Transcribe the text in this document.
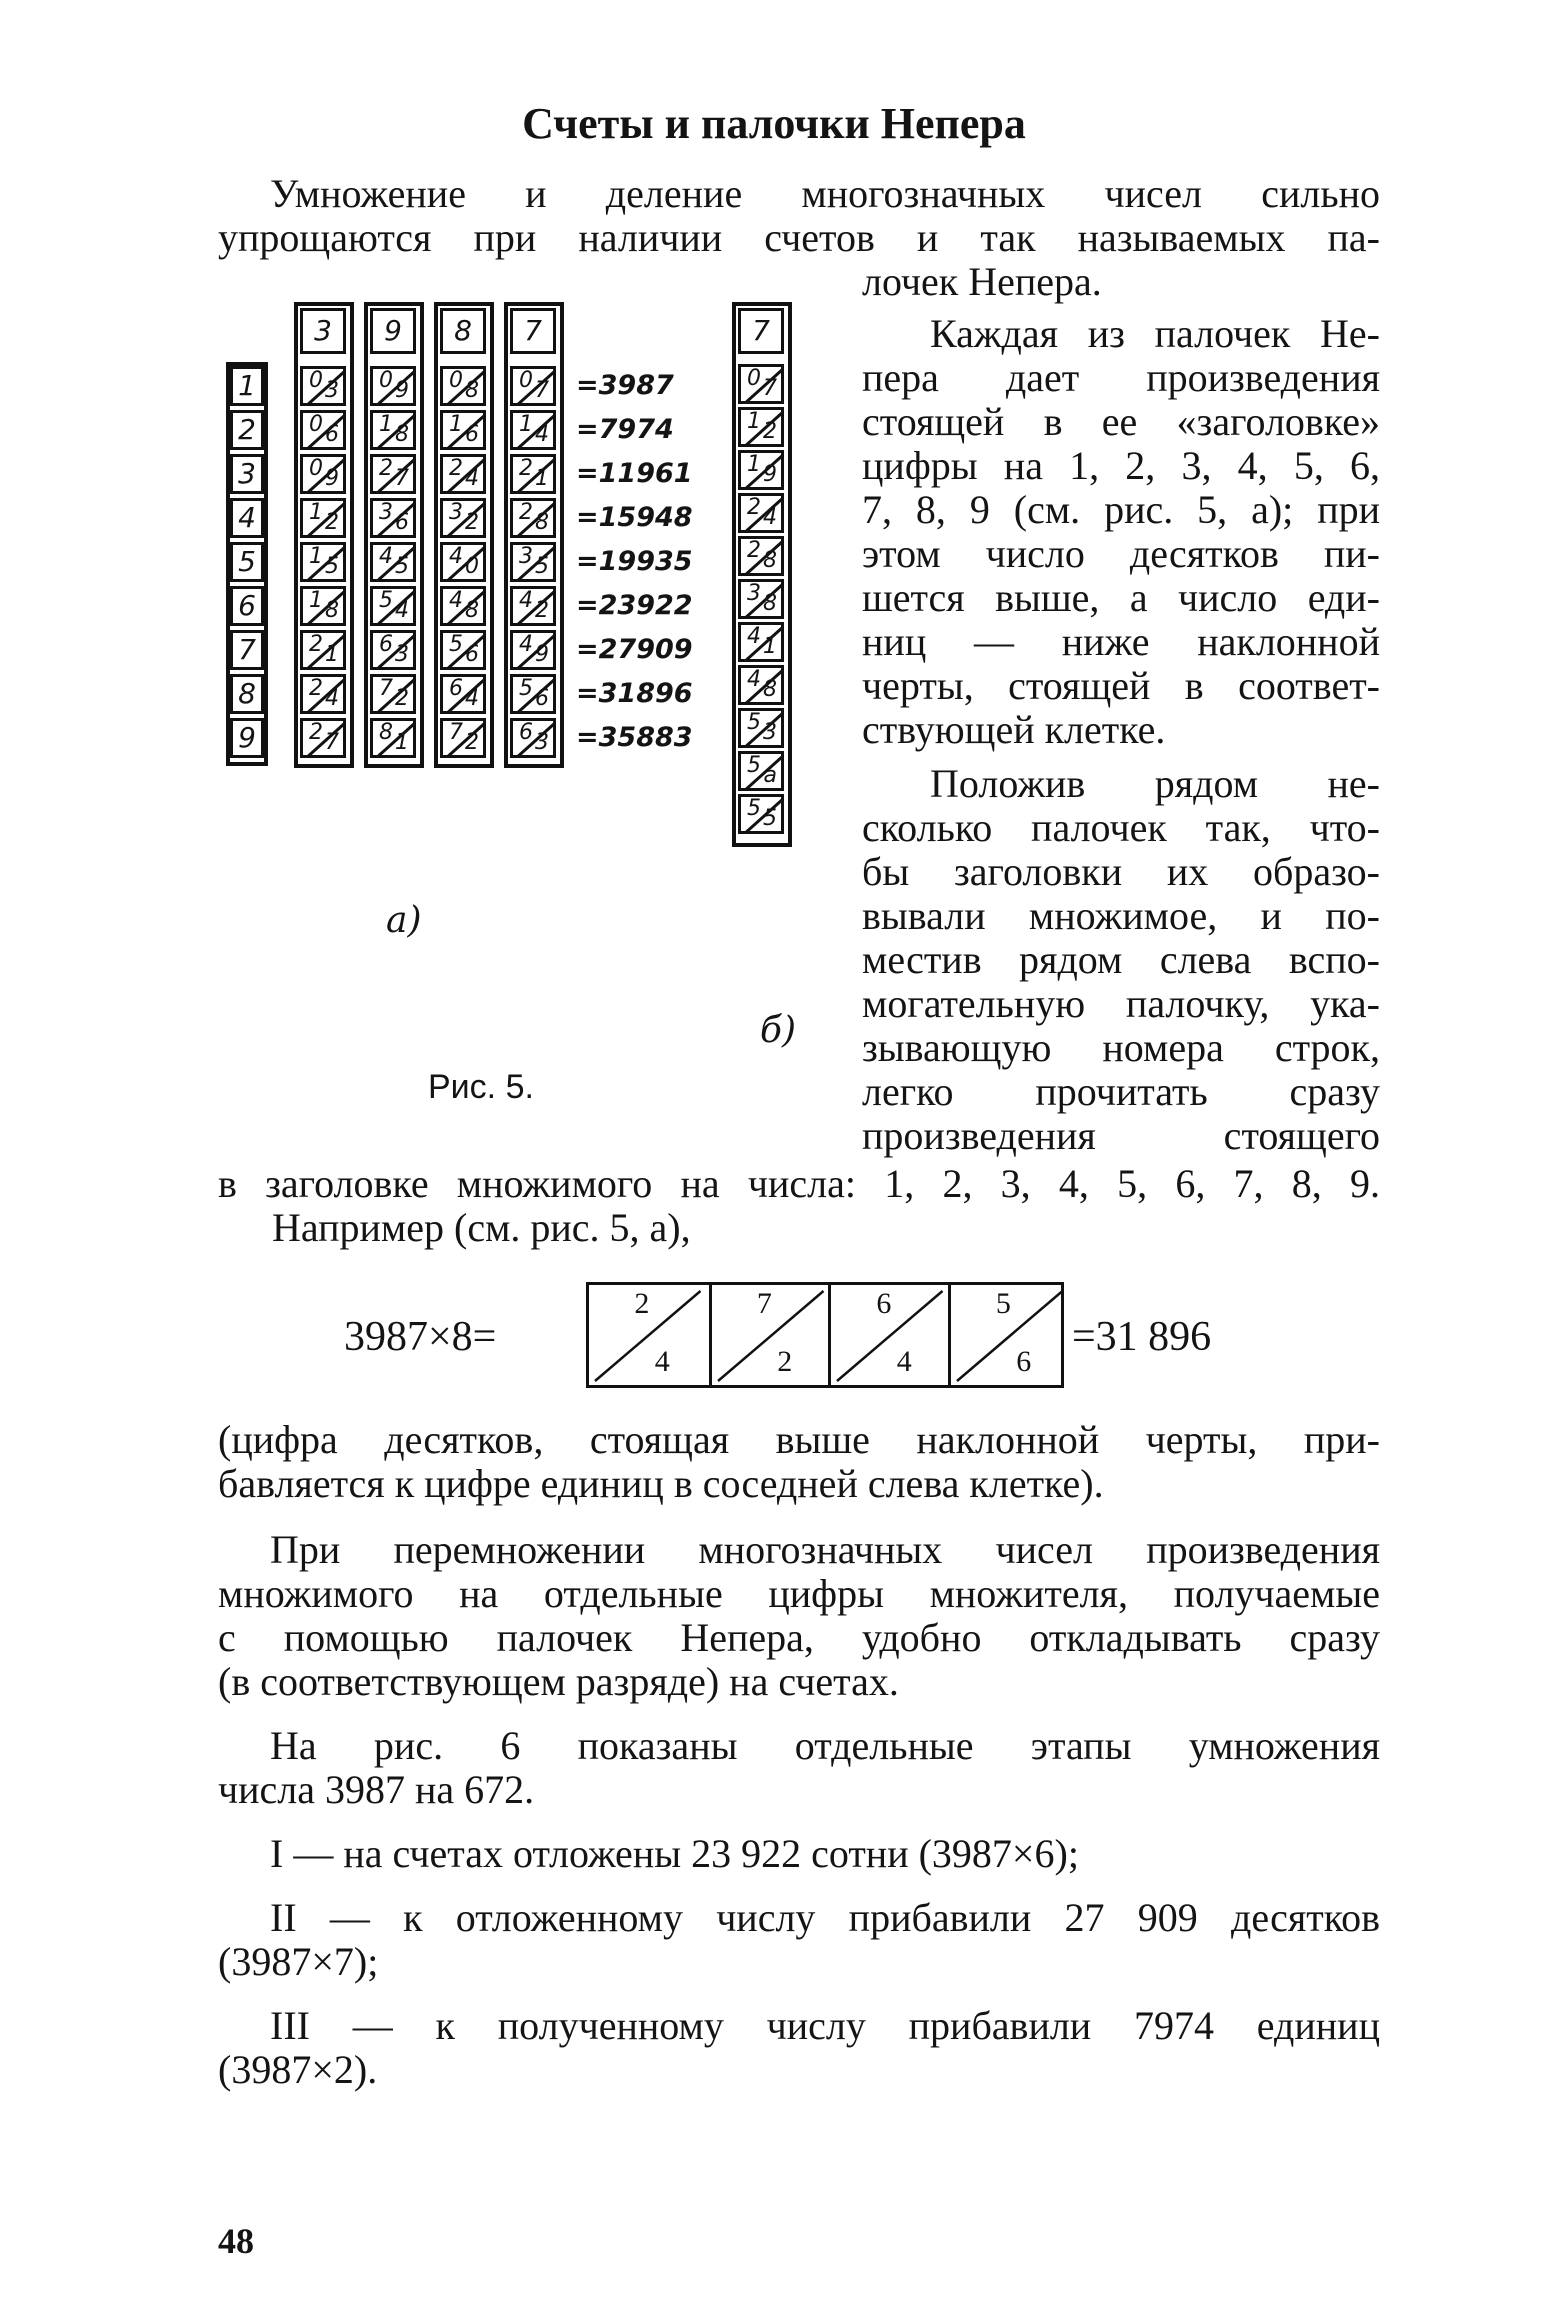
Счеты и палочки Непера
Умножение и деление многозначных чисел сильно
упрощаются при наличии счетов и так называемых па-
лочек Непера.
Каждая из палочек Не-
пера дает произведения
стоящей в ее «заголовке»
цифры на 1, 2, 3, 4, 5, 6,
7, 8, 9 (см. рис. 5, а); при
этом число десятков пи-
шется выше, а число еди-
ниц — ниже наклонной
черты, стоящей в соответ-
ствующей клетке.
Положив рядом не-
сколько палочек так, что-
бы заголовки их образо-
вывали множимое, и по-
местив рядом слева вспо-
могательную палочку, ука-
зывающую номера строк,
легко прочитать сразу
произведения стоящего
1
2
3
4
5
6
7
8
9
3
0 3
0 6
0 9
1 2
1 5
1 8
2 1
2 4
2 7
9
0 9
1 8
2 7
3 6
4 5
5 4
6 3
7 2
8 1
8
0 8
1 6
2 4
3 2
4 0
4 8
5 6
6 4
7 2
7
0 7
1 4
2 1
2 8
3 5
4 2
4 9
5 6
6 3
=3987
=7974
=11961
=15948
=19935
=23922
=27909
=31896
=35883
7
0 7
1 2
1 9
2 4
2 8
3 8
4 1
4 8
5 3
5 a
5 5
а)
б)
Рис. 5.
в заголовке множимого на числа: 1, 2, 3, 4, 5, 6, 7, 8, 9.
Например (см. рис. 5, а),
3987×8=
2
4
7
2
6
4
5
6
=31 896
(цифра десятков, стоящая выше наклонной черты, при-
бавляется к цифре единиц в соседней слева клетке).
При перемножении многозначных чисел произведения
множимого на отдельные цифры множителя, получаемые
с помощью палочек Непера, удобно откладывать сразу
(в соответствующем разряде) на счетах.
На рис. 6 показаны отдельные этапы умножения
числа 3987 на 672.
I — на счетах отложены 23 922 сотни (3987×6);
II — к отложенному числу прибавили 27 909 десятков
(3987×7);
III — к полученному числу прибавили 7974 единиц
(3987×2).
48
